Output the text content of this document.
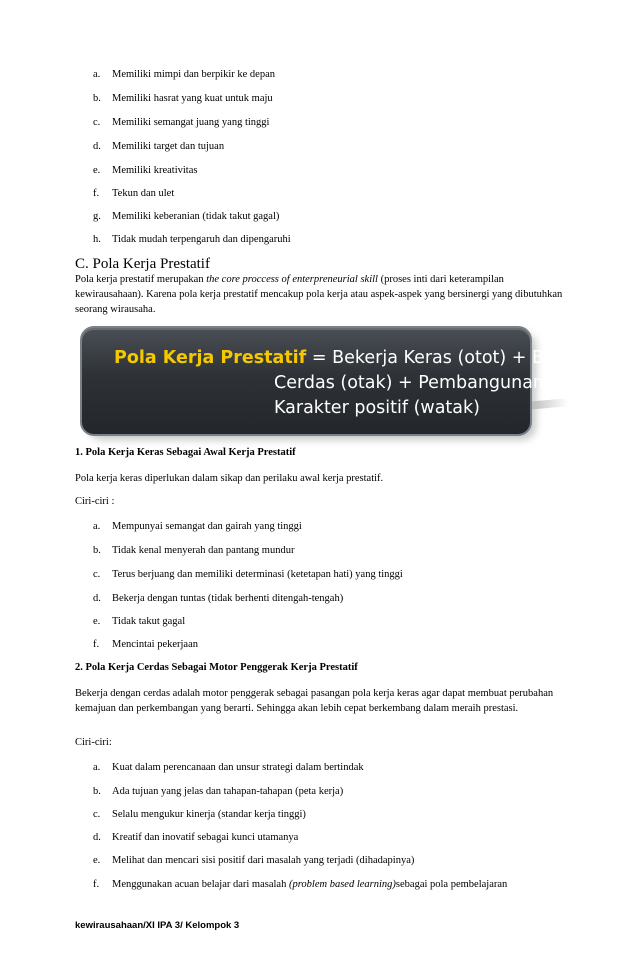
a. Memiliki mimpi dan berpikir ke depan
b. Memiliki hasrat yang kuat untuk maju
c. Memiliki semangat juang yang tinggi
d. Memiliki target dan tujuan
e. Memiliki kreativitas
f. Tekun dan ulet
g. Memiliki keberanian (tidak takut gagal)
h. Tidak mudah terpengaruh dan dipengaruhi
C. Pola Kerja Prestatif

Pola kerja prestatif merupakan the core proccess of enterpreneurial skill (proses inti dari keterampilan kewirausahaan). Karena pola kerja prestatif mencakup pola kerja atau aspek-aspek yang bersinergi yang dibutuhkan seorang wirausaha.

Pola Kerja Prestatif = Bekerja Keras (otot) + Bekerja
Cerdas (otak) + Pembangunan
Karakter positif (watak)
1. Pola Kerja Keras Sebagai Awal Kerja Prestatif
Pola kerja keras diperlukan dalam sikap dan perilaku awal kerja prestatif.
Ciri-ciri :
a. Mempunyai semangat dan gairah yang tinggi
b. Tidak kenal menyerah dan pantang mundur
c. Terus berjuang dan memiliki determinasi (ketetapan hati) yang tinggi
d. Bekerja dengan tuntas (tidak berhenti ditengah-tengah)
e. Tidak takut gagal
f. Mencintai pekerjaan
2. Pola Kerja Cerdas Sebagai Motor Penggerak Kerja Prestatif

Bekerja dengan cerdas adalah motor penggerak sebagai pasangan pola kerja keras agar dapat membuat perubahan kemajuan dan perkembangan yang berarti. Sehingga akan lebih cepat berkembang dalam meraih prestasi.

Ciri-ciri:
a. Kuat dalam perencanaan dan unsur strategi dalam bertindak
b. Ada tujuan yang jelas dan tahapan-tahapan (peta kerja)
c. Selalu mengukur kinerja (standar kerja tinggi)
d. Kreatif dan inovatif sebagai kunci utamanya
e. Melihat dan mencari sisi positif dari masalah yang terjadi (dihadapinya)
f. Menggunakan acuan belajar dari masalah (problem based learning)sebagai pola pembelajaran
kewirausahaan/XI IPA 3/ Kelompok 3
